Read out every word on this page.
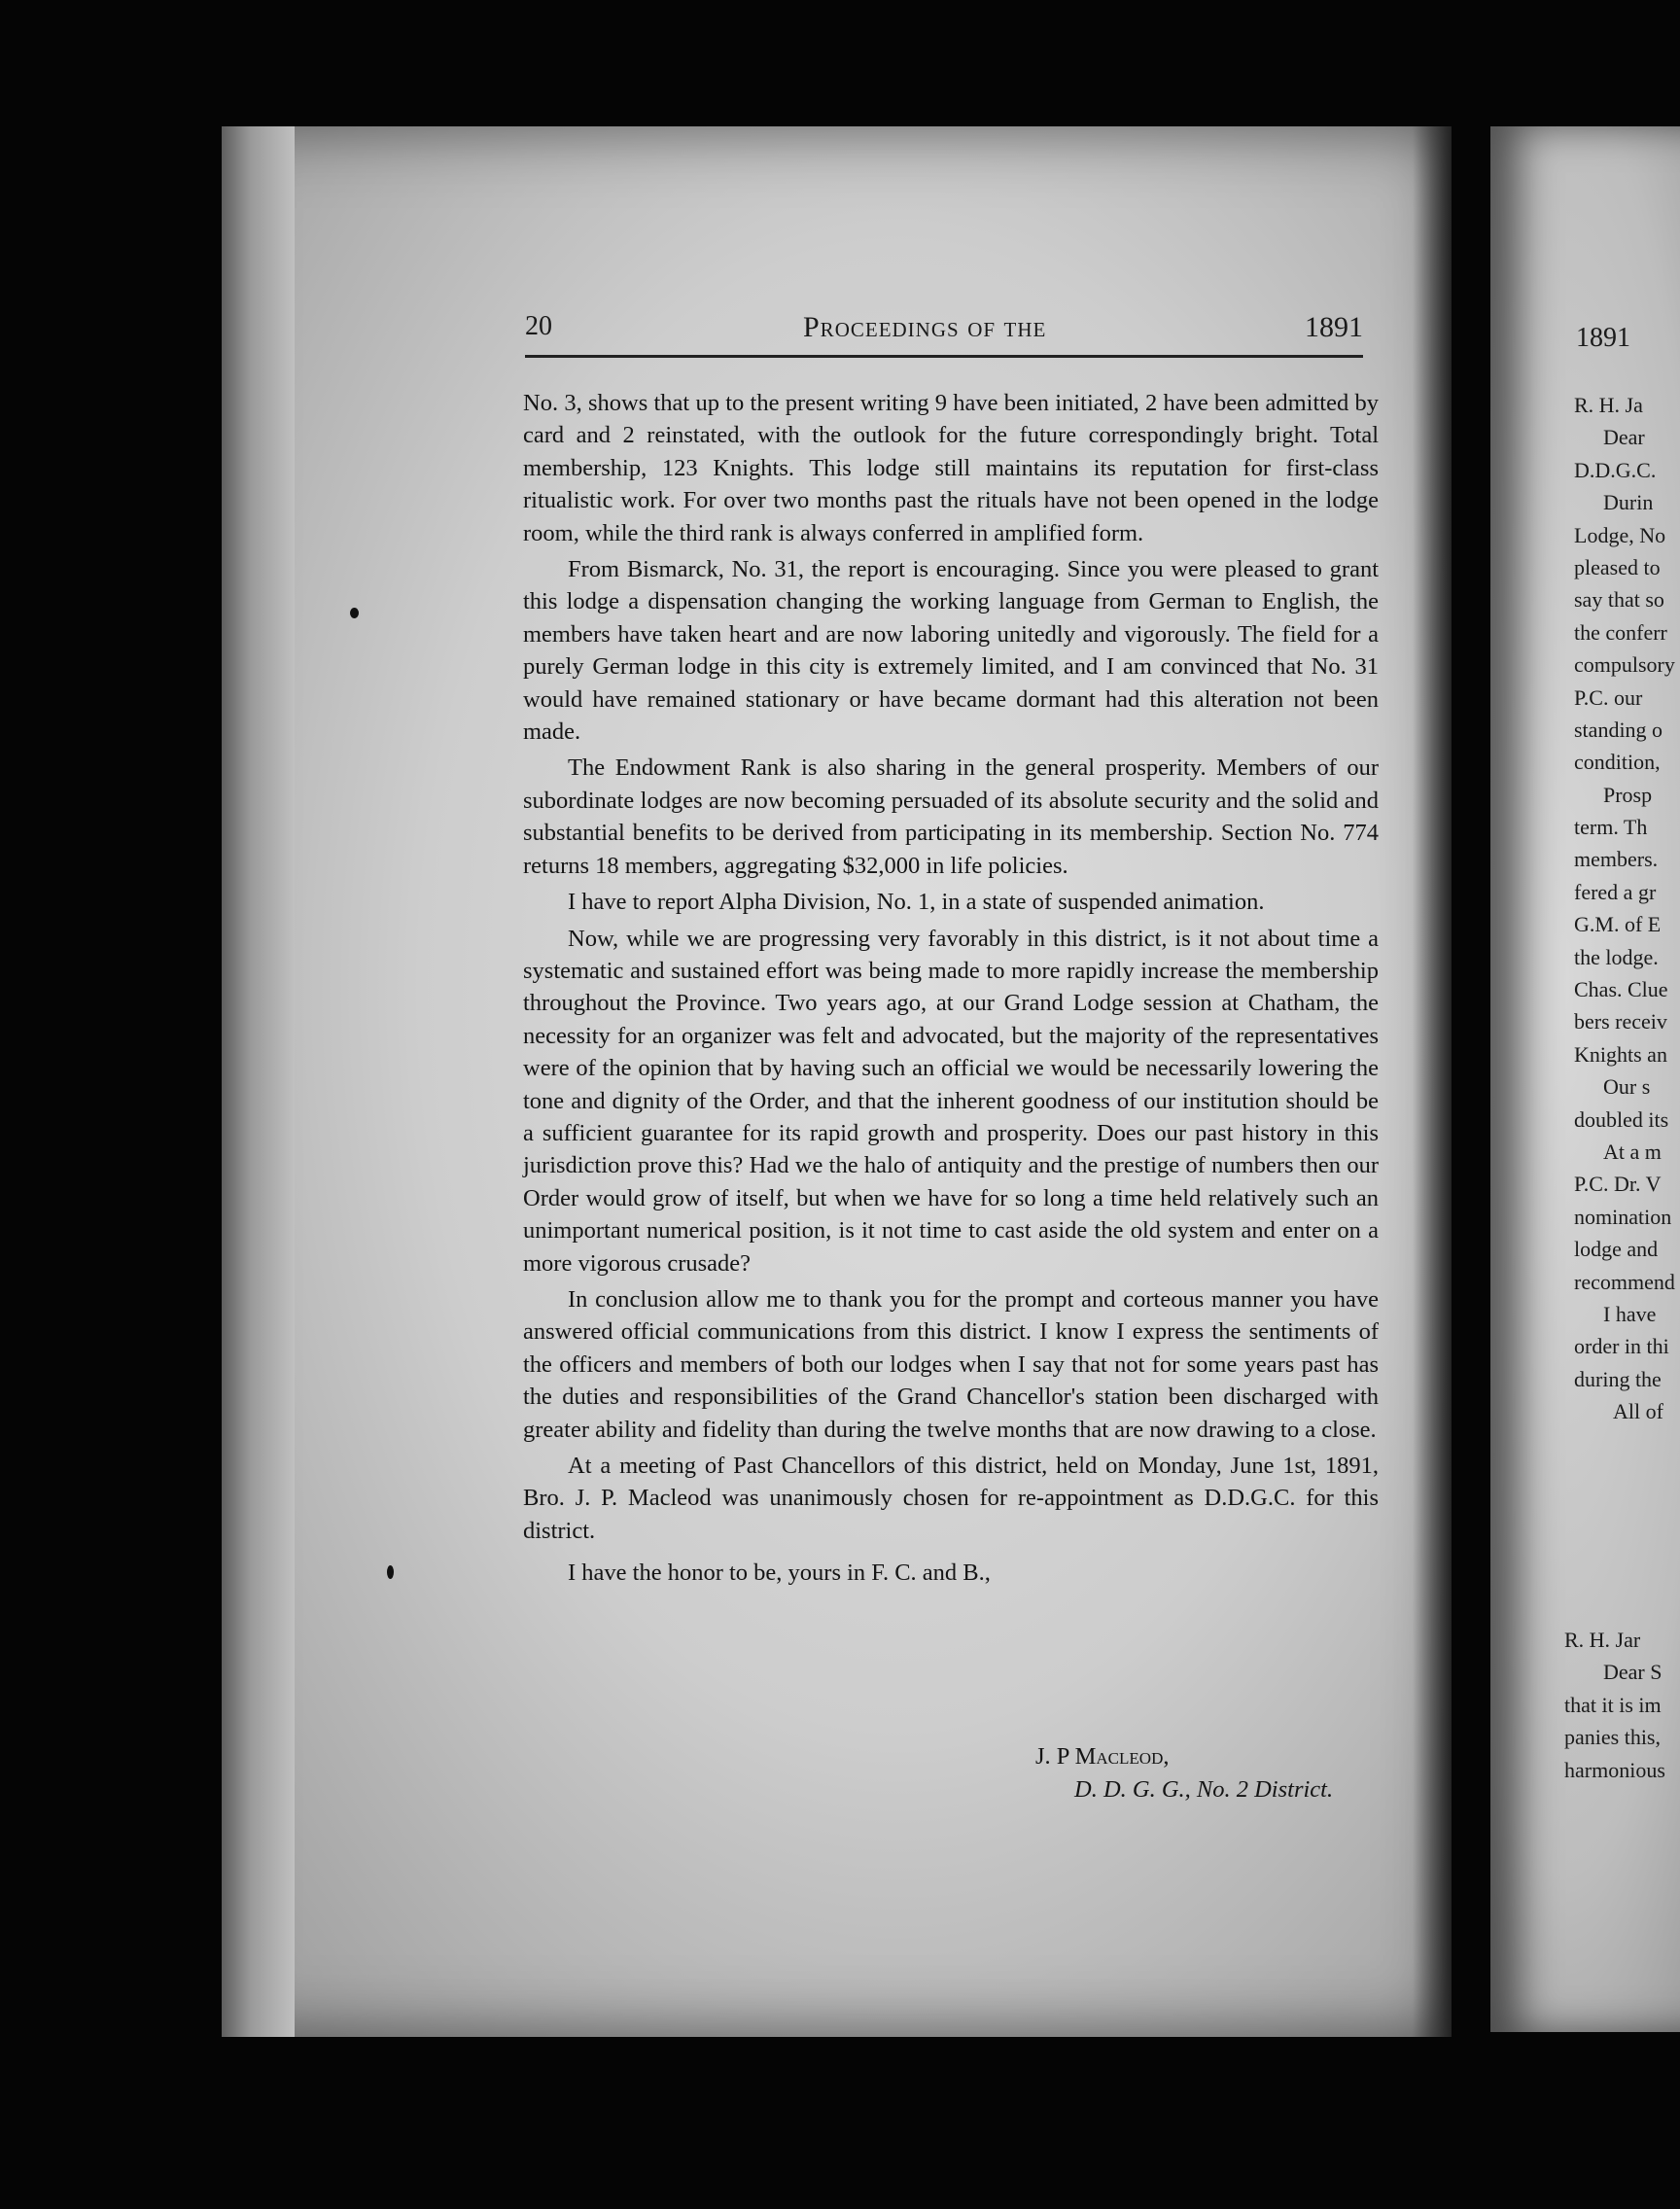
20	Proceedings of the	1891

No. 3, shows that up to the present writing 9 have been initiated, 2 have been admitted by card and 2 reinstated, with the outlook for the future correspondingly bright. Total membership, 123 Knights. This lodge still maintains its reputation for first-class ritualistic work. For over two months past the rituals have not been opened in the lodge room, while the third rank is always conferred in amplified form.

From Bismarck, No. 31, the report is encouraging. Since you were pleased to grant this lodge a dispensation changing the working language from German to English, the members have taken heart and are now laboring unitedly and vigorously. The field for a purely German lodge in this city is extremely limited, and I am convinced that No. 31 would have remained stationary or have became dormant had this alteration not been made.

The Endowment Rank is also sharing in the general prosperity. Members of our subordinate lodges are now becoming persuaded of its absolute security and the solid and substantial benefits to be derived from participating in its membership. Section No. 774 returns 18 members, aggregating $32,000 in life policies.

I have to report Alpha Division, No. 1, in a state of suspended animation.

Now, while we are progressing very favorably in this district, is it not about time a systematic and sustained effort was being made to more rapidly increase the membership throughout the Province. Two years ago, at our Grand Lodge session at Chatham, the necessity for an organizer was felt and advocated, but the majority of the representatives were of the opinion that by having such an official we would be necessarily lowering the tone and dignity of the Order, and that the inherent goodness of our institution should be a sufficient guarantee for its rapid growth and prosperity. Does our past history in this jurisdiction prove this? Had we the halo of antiquity and the prestige of numbers then our Order would grow of itself, but when we have for so long a time held relatively such an unimportant numerical position, is it not time to cast aside the old system and enter on a more vigorous crusade?

In conclusion allow me to thank you for the prompt and corteous manner you have answered official communications from this district. I know I express the sentiments of the officers and members of both our lodges when I say that not for some years past has the duties and responsibilities of the Grand Chancellor's station been discharged with greater ability and fidelity than during the twelve months that are now drawing to a close.

At a meeting of Past Chancellors of this district, held on Monday, June 1st, 1891, Bro. J. P. Macleod was unanimously chosen for re-appointment as D.D.G.C. for this district.

I have the honor to be, yours in F. C. and B.,

J. P Macleod,
D. D. G. G., No. 2 District.
1891
R. H. Ja
Dear
D.D.G.C.
Durin
Lodge, No
pleased to
say that so
the conferr
compulsory
P.C. our
standing o
condition,
Prosp
term. Th
members.
fered a gr
G.M. of E
the lodge.
Chas. Clue
bers receiv
Knights an
Our s
doubled its
At a m
P.C. Dr. V
nomination
lodge and
recommend
I have
order in thi
during the
All of
R. H. Jar
Dear S
that it is im
panies this,
harmonious
